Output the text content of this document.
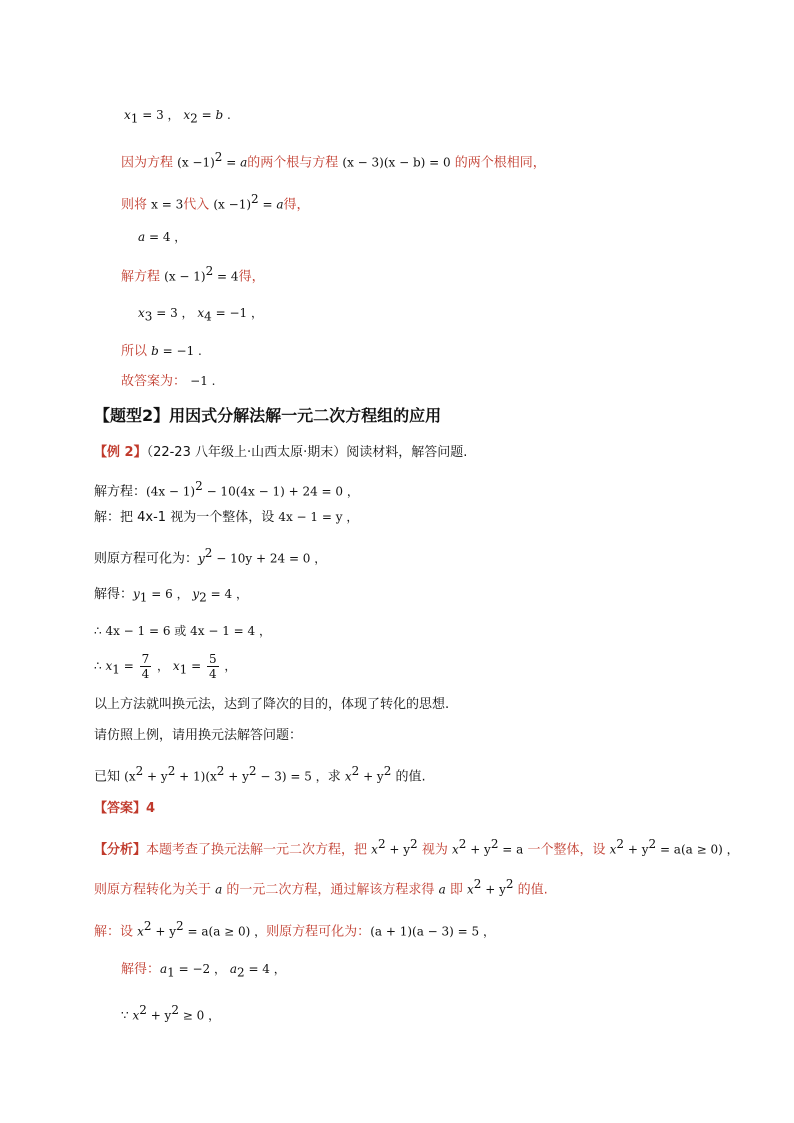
$x_1 = 3$ ， $x_2 = b$ .
因为方程 $(x -1)^2 = a$的两个根与方程 (x − 3)(x − b) = 0 的两个根相同，
则将 x = 3代入 $(x -1)^2 = a$得，
a = 4 ，
解方程 $(x - 1)^2 = 4$得，
$x_3 = 3$ ， $x_4 = -1$ ，
所以 b = −1 .
故答案为： −1 .
【题型2】用因式分解法解一元二次方程组的应用
【例 2】（22-23 八年级上·山西太原·期末）阅读材料，解答问题.
解方程：$(4x - 1)^2 - 10(4x - 1) + 24 = 0$ ，
解：把 4x-1 视为一个整体，设 4x − 1 = y ，
则原方程可化为：$y^2 - 10y + 24 = 0$ ，
解得：$y_1 = 6$ ， $y_2 = 4$ ，
∴ 4x − 1 = 6 或 4x − 1 = 4 ，
∴ $x_1 = \frac{7}{4}$ ， $x_1 = \frac{5}{4}$ ，
以上方法就叫换元法，达到了降次的目的，体现了转化的思想.
请仿照上例，请用换元法解答问题：
已知 $(x^2 + y^2 + 1)(x^2 + y^2 - 3) = 5$ ，求 $x^2 + y^2$ 的值.
【答案】4
【分析】本题考查了换元法解一元二次方程，把 $x^2 + y^2$ 视为 $x^2 + y^2 = a$ 一个整体，设 $x^2 + y^2 = a(a \ge 0)$ ，
则原方程转化为关于 a 的一元二次方程，通过解该方程求得 a 即 $x^2 + y^2$ 的值.
解：设 $x^2 + y^2 = a(a \ge 0)$ ，则原方程可化为：(a + 1)(a − 3) = 5 ，
解得：$a_1 = -2$ ， $a_2 = 4$ ，
∵ $x^2 + y^2 \ge 0$ ，
